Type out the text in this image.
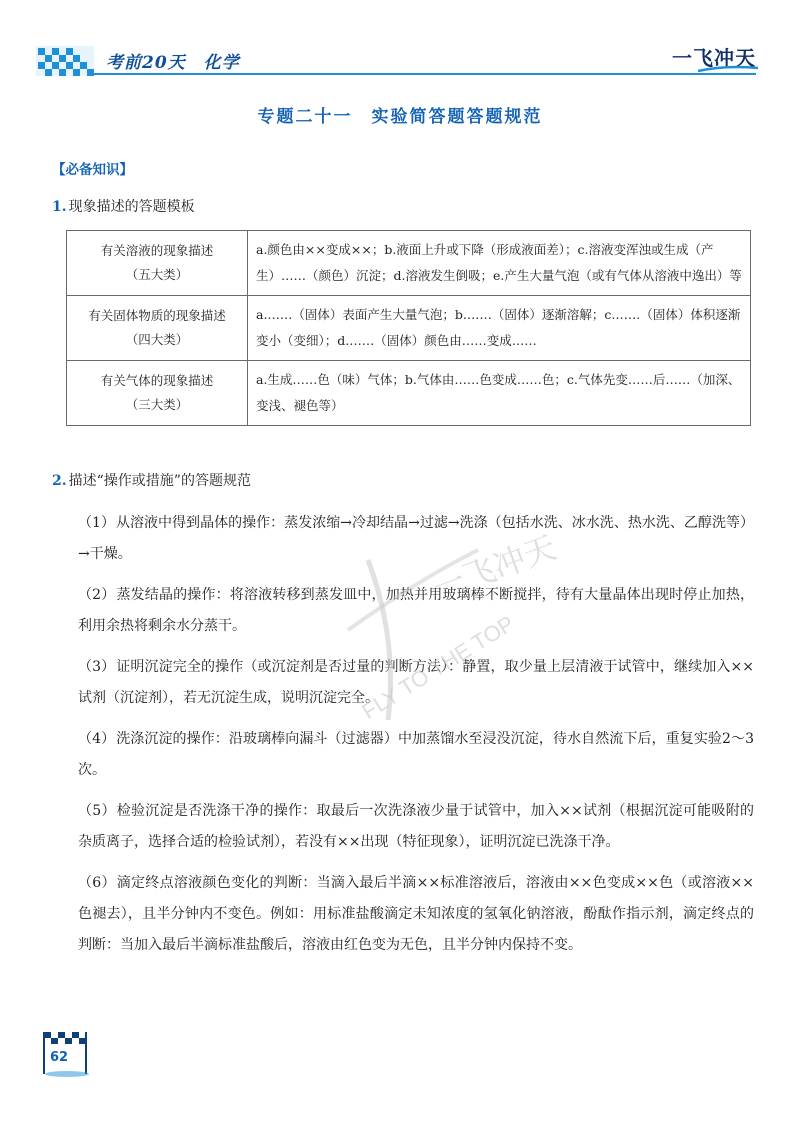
考前20天　化学	一飞冲天
专题二十一　实验简答题答题规范
【必备知识】
1. 现象描述的答题模板
有关溶液的现象描述
（五大类）	a.颜色由××变成××；b.液面上升或下降（形成液面差）；c.溶液变浑浊或生成（产生）……（颜色）沉淀；d.溶液发生倒吸；e.产生大量气泡（或有气体从溶液中逸出）等

有关固体物质的现象描述
（四大类）	a.……（固体）表面产生大量气泡；b.……（固体）逐渐溶解；c.……（固体）体积逐渐变小（变细）；d.……（固体）颜色由……变成……

有关气体的现象描述
（三大类）	a.生成……色（味）气体；b.气体由……色变成……色；c.气体先变……后……（加深、变浅、褪色等）
2. 描述“操作或措施”的答题规范
（1）从溶液中得到晶体的操作：蒸发浓缩→冷却结晶→过滤→洗涤（包括水洗、冰水洗、热水洗、乙醇洗等）→干燥。
（2）蒸发结晶的操作：将溶液转移到蒸发皿中，加热并用玻璃棒不断搅拌，待有大量晶体出现时停止加热，利用余热将剩余水分蒸干。
（3）证明沉淀完全的操作（或沉淀剂是否过量的判断方法）：静置，取少量上层清液于试管中，继续加入××试剂（沉淀剂），若无沉淀生成，说明沉淀完全。
（4）洗涤沉淀的操作：沿玻璃棒向漏斗（过滤器）中加蒸馏水至浸没沉淀，待水自然流下后，重复实验2～3次。
（5）检验沉淀是否洗涤干净的操作：取最后一次洗涤液少量于试管中，加入××试剂（根据沉淀可能吸附的杂质离子，选择合适的检验试剂），若没有××出现（特征现象），证明沉淀已洗涤干净。
（6）滴定终点溶液颜色变化的判断：当滴入最后半滴××标准溶液后，溶液由××色变成××色（或溶液××色褪去），且半分钟内不变色。例如：用标准盐酸滴定未知浓度的氢氧化钠溶液，酚酞作指示剂，滴定终点的判断：当加入最后半滴标准盐酸后，溶液由红色变为无色，且半分钟内保持不变。
一飞冲天
FLY TO THE TOP
62
